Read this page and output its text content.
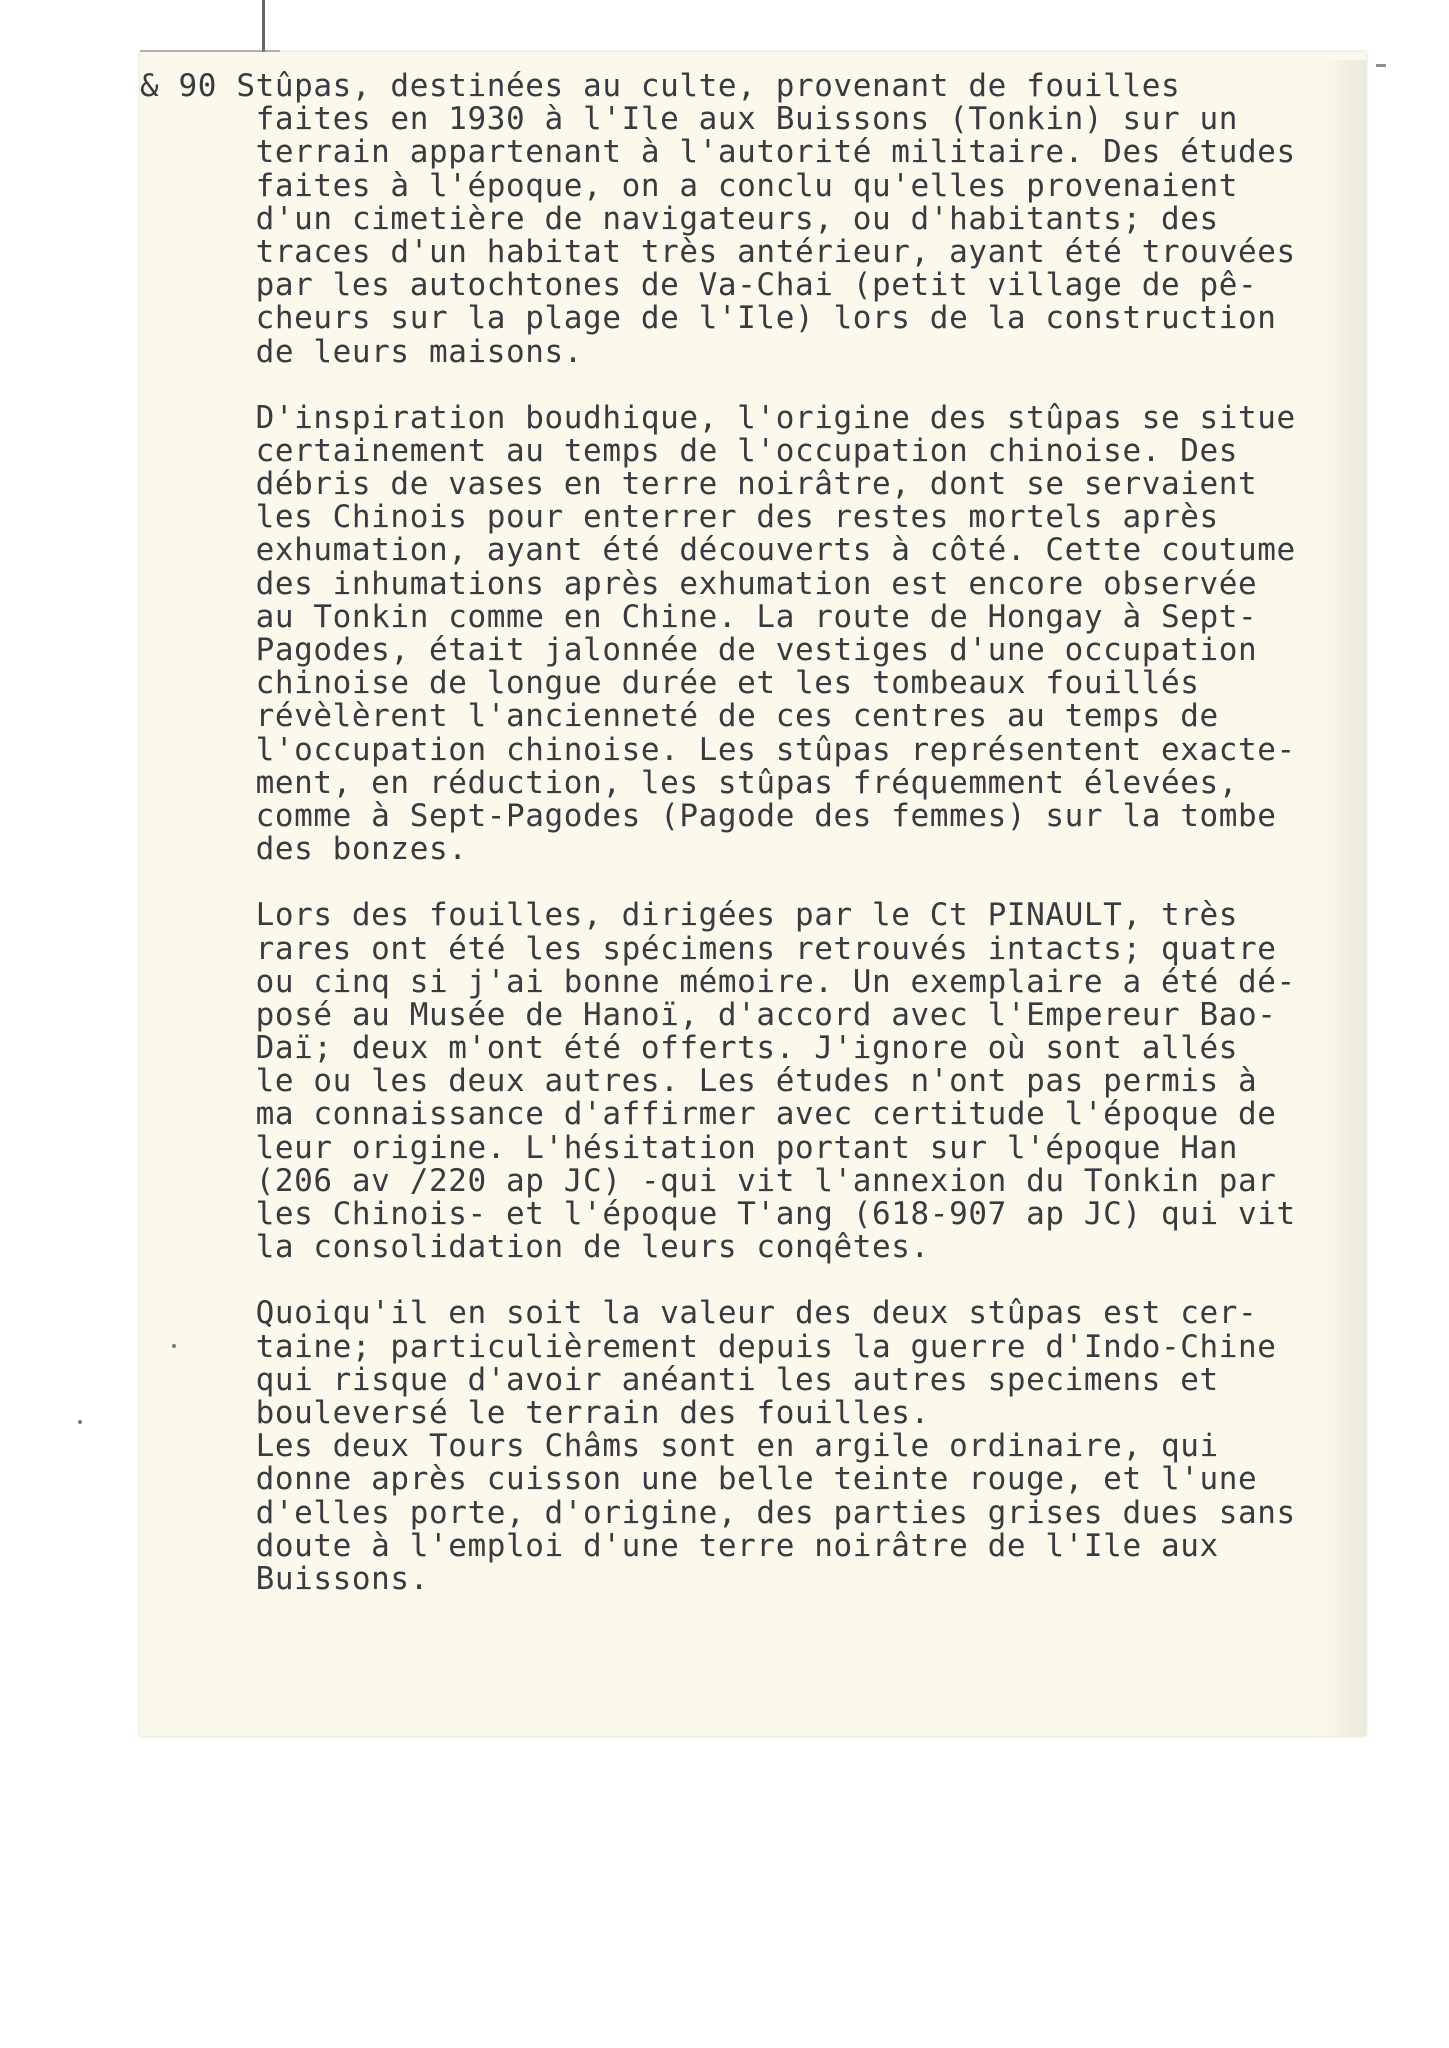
& 90 Stûpas, destinées au culte, provenant de fouilles
faites en 1930 à l'Ile aux Buissons (Tonkin) sur un
terrain appartenant à l'autorité militaire. Des études
faites à l'époque, on a conclu qu'elles provenaient
d'un cimetière de navigateurs, ou d'habitants; des
traces d'un habitat très antérieur, ayant été trouvées
par les autochtones de Va-Chai (petit village de pê-
cheurs sur la plage de l'Ile) lors de la construction
de leurs maisons.
D'inspiration boudhique, l'origine des stûpas se situe
certainement au temps de l'occupation chinoise. Des
débris de vases en terre noirâtre, dont se servaient
les Chinois pour enterrer des restes mortels après
exhumation, ayant été découverts à côté. Cette coutume
des inhumations après exhumation est encore observée
au Tonkin comme en Chine. La route de Hongay à Sept-
Pagodes, était jalonnée de vestiges d'une occupation
chinoise de longue durée et les tombeaux fouillés
révèlèrent l'ancienneté de ces centres au temps de
l'occupation chinoise. Les stûpas représentent exacte-
ment, en réduction, les stûpas fréquemment élevées,
comme à Sept-Pagodes (Pagode des femmes) sur la tombe
des bonzes.
Lors des fouilles, dirigées par le Ct PINAULT, très
rares ont été les spécimens retrouvés intacts; quatre
ou cinq si j'ai bonne mémoire. Un exemplaire a été dé-
posé au Musée de Hanoï, d'accord avec l'Empereur Bao-
Daï; deux m'ont été offerts. J'ignore où sont allés
le ou les deux autres. Les études n'ont pas permis à
ma connaissance d'affirmer avec certitude l'époque de
leur origine. L'hésitation portant sur l'époque Han
(206 av /220 ap JC) -qui vit l'annexion du Tonkin par
les Chinois- et l'époque T'ang (618-907 ap JC) qui vit
la consolidation de leurs conqêtes.
Quoiqu'il en soit la valeur des deux stûpas est cer-
taine; particulièrement depuis la guerre d'Indo-Chine
qui risque d'avoir anéanti les autres specimens et
bouleversé le terrain des fouilles.
Les deux Tours Châms sont en argile ordinaire, qui
donne après cuisson une belle teinte rouge, et l'une
d'elles porte, d'origine, des parties grises dues sans
doute à l'emploi d'une terre noirâtre de l'Ile aux
Buissons.
